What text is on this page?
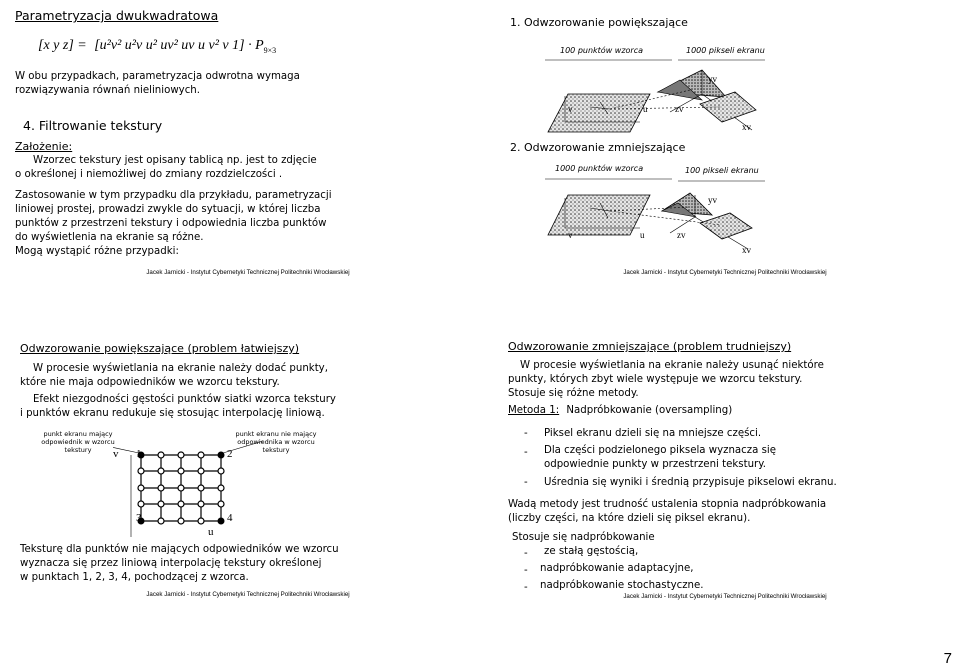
Parametryzacja dwukwadratowa
[x y z] = [u²v² u²v u² uv² uv u v² v $1] \cdot P_{9\times 3}$
W obu przypadkach, parametryzacja odwrotna wymaga
rozwiązywania równań nieliniowych.
4. Filtrowanie tekstury
Założenie:
Wzorzec tekstury jest opisany tablicą np. jest to zdjęcie
o określonej i niemożliwej do zmiany rozdzielczości .
Zastosowanie w tym przypadku dla przykładu, parametryzacji
liniowej prostej, prowadzi zwykle do sytuacji, w której liczba
punktów z przestrzeni tekstury i odpowiednia liczba punktów
do wyświetlenia na ekranie są różne.
Mogą wystąpić różne przypadki:
Jacek Jarnicki - Instytut Cybernetyki Technicznej Politechniki Wrocławskiej
1. Odwzorowanie powiększające
100 punktów wzorca	1000 pikseli ekranu
v	u	zv
yv
xv
2. Odwzorowanie zmniejszające
1000 punktów wzorca	100 pikseli ekranu
v	u	zv
yv
xv
Jacek Jarnicki - Instytut Cybernetyki Technicznej Politechniki Wrocławskiej
Odwzorowanie powiększające (problem łatwiejszy)
W procesie wyświetlania na ekranie należy dodać punkty,
które nie maja odpowiedników we wzorcu tekstury.
Efekt niezgodności gęstości punktów siatki wzorca tekstury
i punktów ekranu redukuje się stosując interpolację liniową.
punkt ekranu mający
odpowiednik w wzorcu
tekstury
punkt ekranu nie mający
odpowiednika w wzorcu
tekstury
v 1	2
3	4
u
Teksturę dla punktów nie mających odpowiedników we wzorcu
wyznacza się przez liniową interpolację tekstury określonej
w punktach 1, 2, 3, 4, pochodzącej z wzorca.
Jacek Jarnicki - Instytut Cybernetyki Technicznej Politechniki Wrocławskiej
Odwzorowanie zmniejszające (problem trudniejszy)
W procesie wyświetlania na ekranie należy usunąć niektóre
punkty, których zbyt wiele występuje we wzorcu tekstury.
Stosuje się różne metody.
Metoda 1: Nadpróbkowanie (oversampling)
- Piksel ekranu dzieli się na mniejsze części.
- Dla części podzielonego piksela wyznacza się
odpowiednie punkty w przestrzeni tekstury.
- Uśrednia się wyniki i średnią przypisuje pikselowi ekranu.
Wadą metody jest trudność ustalenia stopnia nadpróbkowania
(liczby części, na które dzieli się piksel ekranu).
Stosuje się nadpróbkowanie
- ze stałą gęstością,
- nadpróbkowanie adaptacyjne,
- nadpróbkowanie stochastyczne.
Jacek Jarnicki - Instytut Cybernetyki Technicznej Politechniki Wrocławskiej
7
